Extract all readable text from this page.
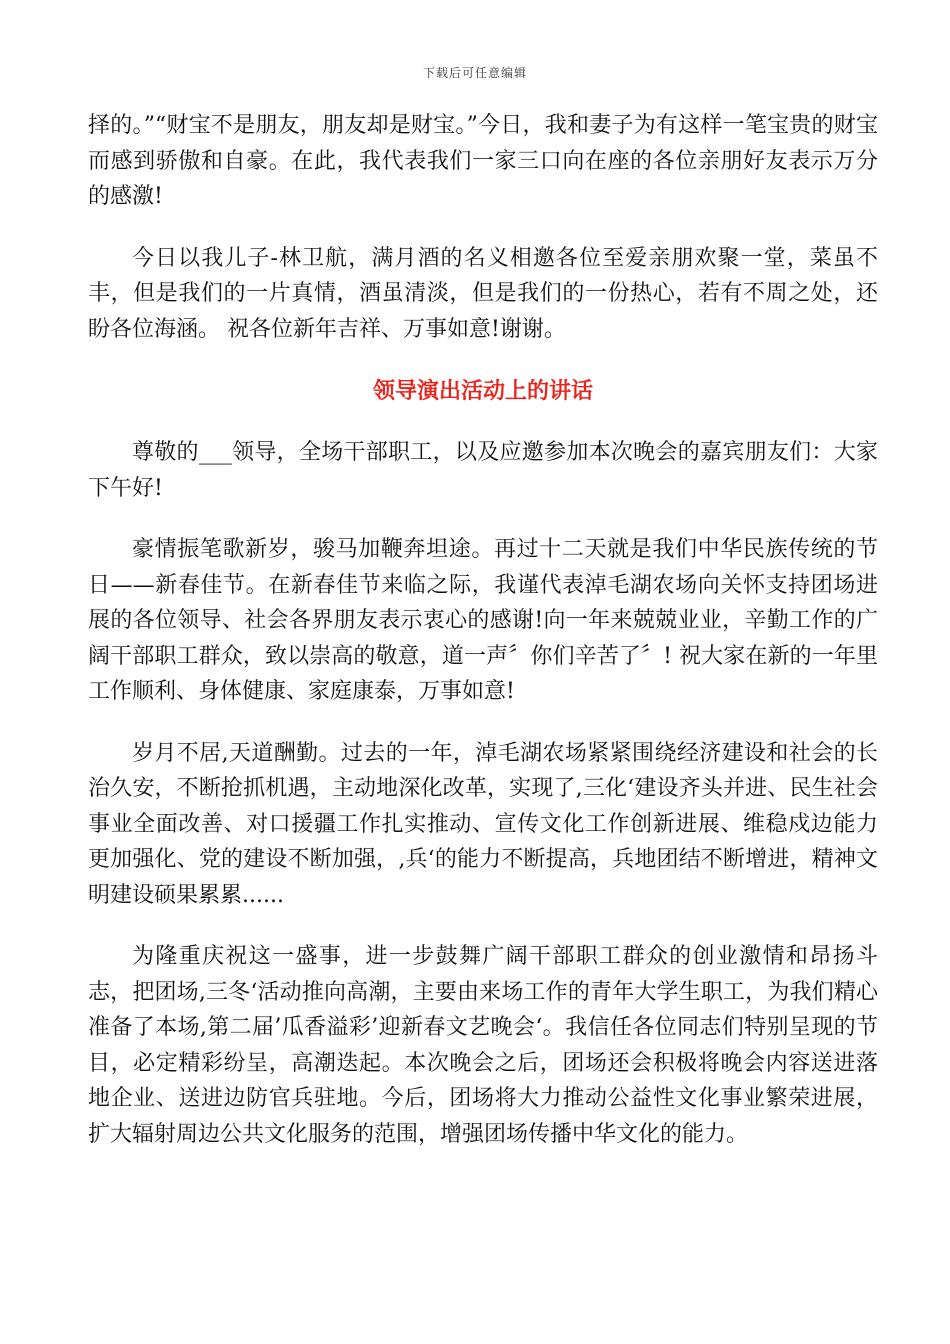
下载后可任意编辑

择的。”“财宝不是朋友，朋友却是财宝。”今日，我和妻子为有这样一笔宝贵的财宝而感到骄傲和自豪。在此，我代表我们一家三口向在座的各位亲朋好友表示万分的感激!

今日以我儿子-林卫航，满月酒的名义相邀各位至爱亲朋欢聚一堂，菜虽不丰，但是我们的一片真情，酒虽清淡，但是我们的一份热心，若有不周之处，还盼各位海涵。 祝各位新年吉祥、万事如意!谢谢。

领导演出活动上的讲话

尊敬的___领导，全场干部职工，以及应邀参加本次晚会的嘉宾朋友们：大家下午好!

豪情振笔歌新岁，骏马加鞭奔坦途。再过十二天就是我们中华民族传统的节日——新春佳节。在新春佳节来临之际，我谨代表淖毛湖农场向关怀支持团场进展的各位领导、社会各界朋友表示衷心的感谢!向一年来兢兢业业，辛勤工作的广阔干部职工群众，致以崇高的敬意，道一声〞你们辛苦了〞! 祝大家在新的一年里工作顺利、身体健康、家庭康泰，万事如意!

岁月不居,天道酬勤。过去的一年，淖毛湖农场紧紧围绕经济建设和社会的长治久安，不断抢抓机遇，主动地深化改革，实现了,三化‘建设齐头并进、民生社会事业全面改善、对口援疆工作扎实推动、宣传文化工作创新进展、维稳戍边能力更加强化、党的建设不断加强，,兵‘的能力不断提高，兵地团结不断增进，精神文明建设硕果累累......

为隆重庆祝这一盛事，进一步鼓舞广阔干部职工群众的创业激情和昂扬斗志，把团场,三冬‘活动推向高潮，主要由来场工作的青年大学生职工，为我们精心准备了本场,第二届’瓜香溢彩’迎新春文艺晚会‘。我信任各位同志们特别呈现的节目，必定精彩纷呈，高潮迭起。本次晚会之后，团场还会积极将晚会内容送进落地企业、送进边防官兵驻地。今后，团场将大力推动公益性文化事业繁荣进展，扩大辐射周边公共文化服务的范围，增强团场传播中华文化的能力。
